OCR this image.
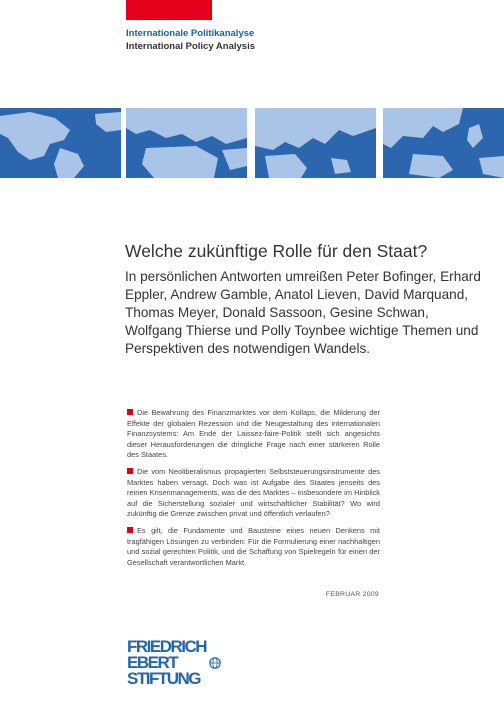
Internationale Politikanalyse
International Policy Analysis
Welche zukünftige Rolle für den Staat?
In persönlichen Antworten umreißen Peter Bofinger, Erhard Eppler, Andrew Gamble, Anatol Lieven, David Marquand, Thomas Meyer, Donald Sassoon, Gesine Schwan, Wolfgang Thierse und Polly Toynbee wichtige Themen und Perspektiven des notwendigen Wandels.
Die Bewahrung des Finanzmarktes vor dem Kollaps, die Milderung der Effekte der globalen Rezession und die Neugestaltung des internationalen Finanzsystems: Am Ende der Laissez-faire-Politik stellt sich angesichts dieser Herausforderungen die dringliche Frage nach einer stärkeren Rolle des Staates.
Die vom Neoliberalismus propagierten Selbststeuerungsinstrumente des Marktes haben versagt. Doch was ist Aufgabe des Staates jenseits des reinen Krisenmanagements, was die des Marktes – insbesondere im Hinblick auf die Sicherstellung sozialer und wirtschaftlicher Stabilität? Wo wird zukünftig die Grenze zwischen privat und öffentlich verlaufen?
Es gilt, die Fundamente und Bausteine eines neuen Denkens mit tragfähigen Lösungen zu verbinden: Für die Formulierung einer nachhaltigen und sozial gerechten Politik, und die Schaffung von Spielregeln für einen der Gesellschaft verantwortlichen Markt.
FEBRUAR 2009
FRIEDRICH
EBERT
STIFTUNG
